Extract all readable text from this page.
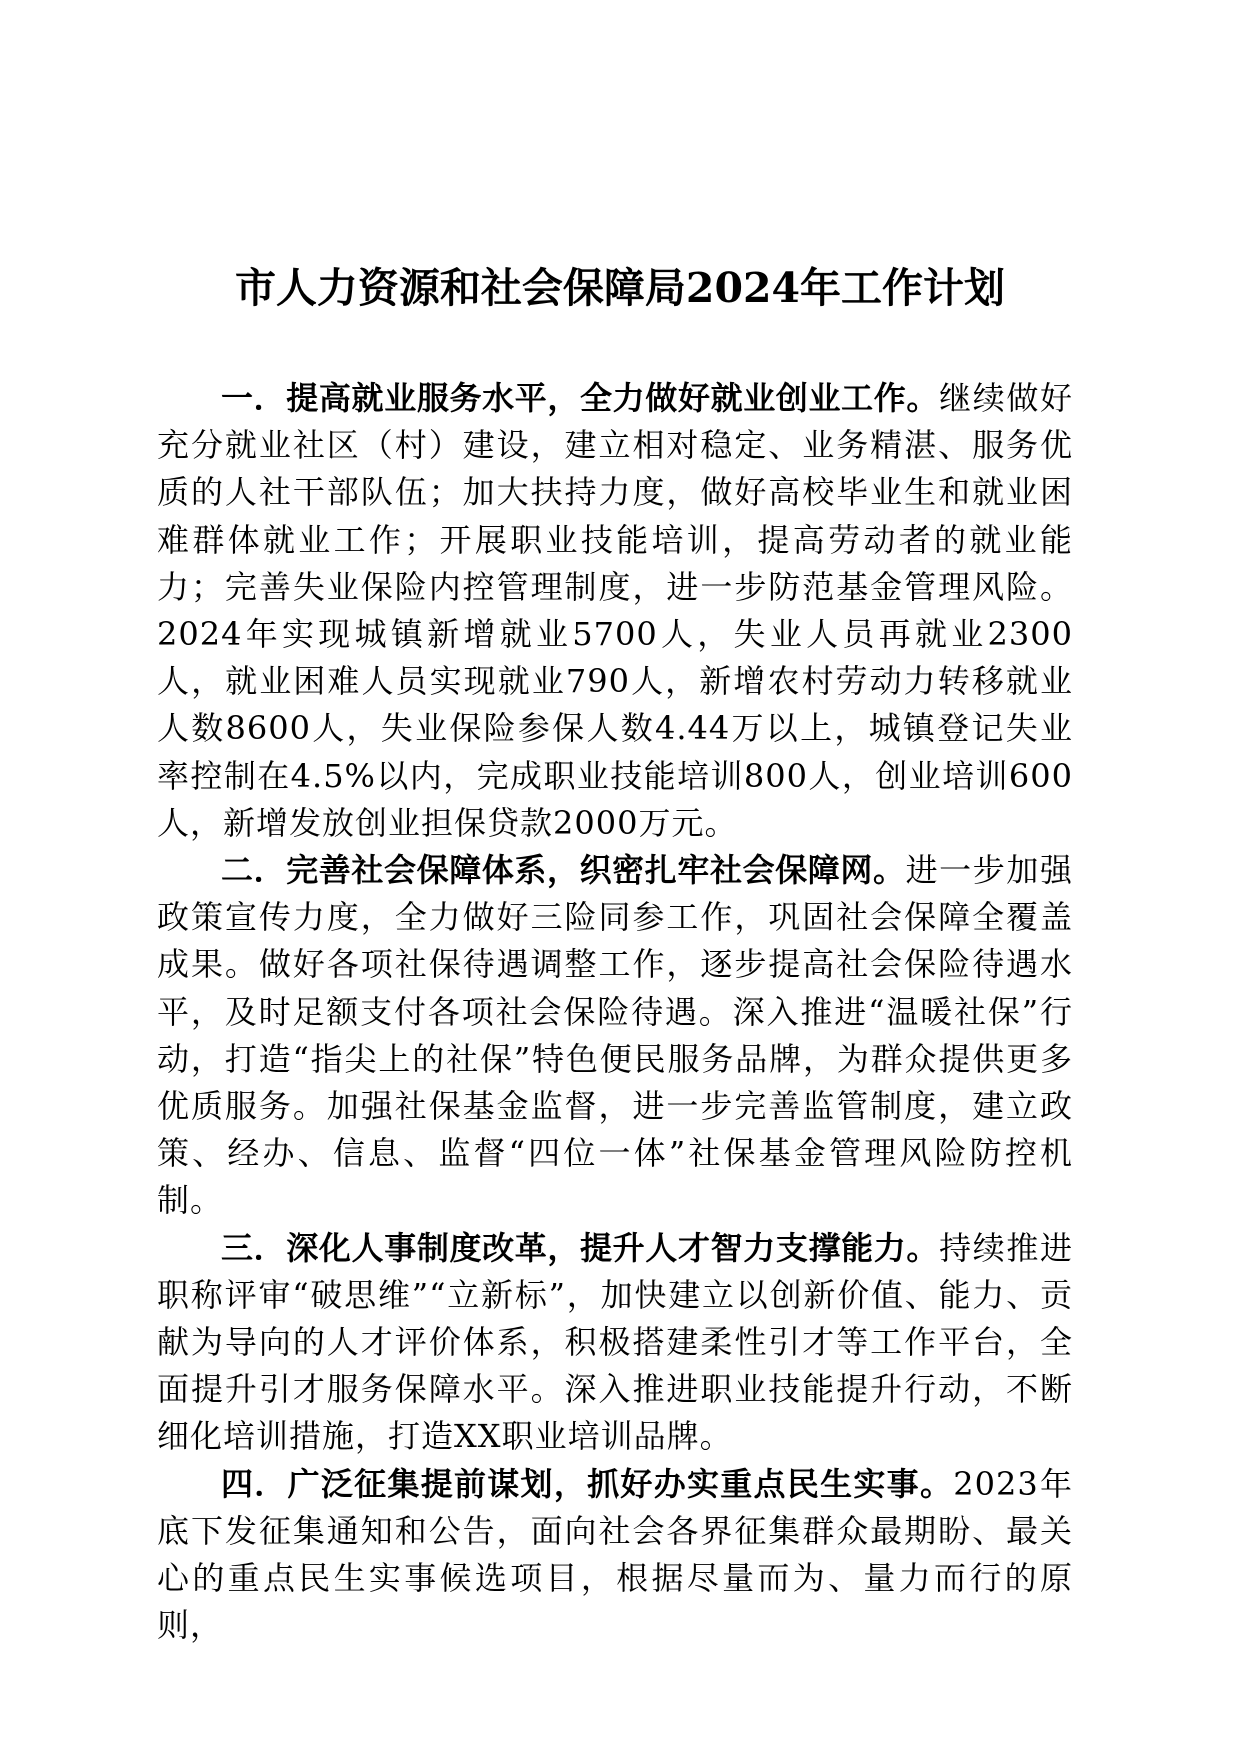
市人力资源和社会保障局2024年工作计划

一．提高就业服务水平，全力做好就业创业工作。继续做好充分就业社区（村）建设，建立相对稳定、业务精湛、服务优质的人社干部队伍；加大扶持力度，做好高校毕业生和就业困难群体就业工作；开展职业技能培训，提高劳动者的就业能力；完善失业保险内控管理制度，进一步防范基金管理风险。2024年实现城镇新增就业5700人，失业人员再就业2300人，就业困难人员实现就业790人，新增农村劳动力转移就业人数8600人，失业保险参保人数4.44万以上，城镇登记失业率控制在4.5%以内，完成职业技能培训800人，创业培训600人，新增发放创业担保贷款2000万元。

二．完善社会保障体系，织密扎牢社会保障网。进一步加强政策宣传力度，全力做好三险同参工作，巩固社会保障全覆盖成果。做好各项社保待遇调整工作，逐步提高社会保险待遇水平，及时足额支付各项社会保险待遇。深入推进“温暖社保”行动，打造“指尖上的社保”特色便民服务品牌，为群众提供更多优质服务。加强社保基金监督，进一步完善监管制度，建立政策、经办、信息、监督“四位一体”社保基金管理风险防控机制。

三．深化人事制度改革，提升人才智力支撑能力。持续推进职称评审“破思维”“立新标”，加快建立以创新价值、能力、贡献为导向的人才评价体系，积极搭建柔性引才等工作平台，全面提升引才服务保障水平。深入推进职业技能提升行动，不断细化培训措施，打造XX职业培训品牌。

四．广泛征集提前谋划，抓好办实重点民生实事。2023年底下发征集通知和公告，面向社会各界征集群众最期盼、最关心的重点民生实事候选项目，根据尽量而为、量力而行的原则，
